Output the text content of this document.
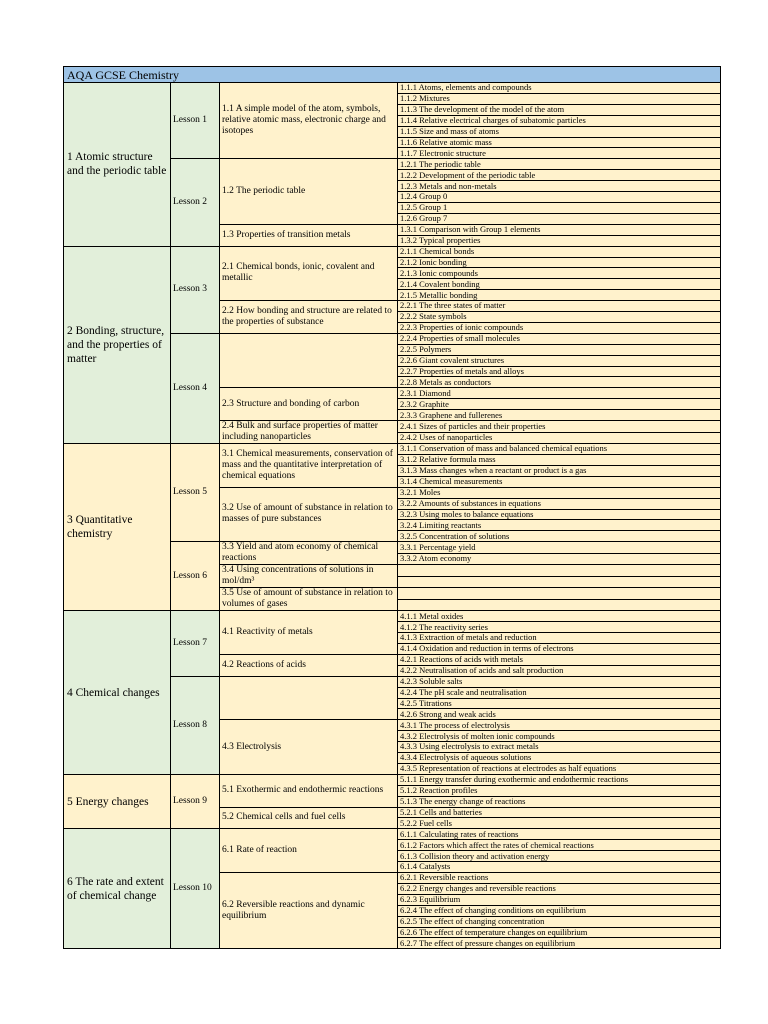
AQA GCSE Chemistry			
1 Atomic structure and the periodic table	Lesson 1	1.1 A simple model of the atom, symbols, relative atomic mass, electronic charge and isotopes	1.1.1 Atoms, elements and compounds
			1.1.2 Mixtures
			1.1.3 The development of the model of the atom
			1.1.4 Relative electrical charges of subatomic particles
			1.1.5 Size and mass of atoms
			1.1.6 Relative atomic mass
			1.1.7 Electronic structure
	Lesson 2	1.2 The periodic table	1.2.1 The periodic table
			1.2.2 Development of the periodic table
			1.2.3 Metals and non-metals
			1.2.4 Group 0
			1.2.5 Group 1
			1.2.6 Group 7
		1.3 Properties of transition metals	1.3.1 Comparison with Group 1 elements
			1.3.2 Typical properties
2 Bonding, structure, and the properties of matter	Lesson 3	2.1 Chemical bonds, ionic, covalent and metallic	2.1.1 Chemical bonds
			2.1.2 Ionic bonding
			2.1.3 Ionic compounds
			2.1.4 Covalent bonding
			2.1.5 Metallic bonding
		2.2 How bonding and structure are related to the properties of substance	2.2.1 The three states of matter
			2.2.2 State symbols
			2.2.3 Properties of ionic compounds
	Lesson 4		2.2.4 Properties of small molecules
			2.2.5 Polymers
			2.2.6 Giant covalent structures
			2.2.7 Properties of metals and alloys
			2.2.8 Metals as conductors
		2.3 Structure and bonding of carbon	2.3.1 Diamond
			2.3.2 Graphite
			2.3.3 Graphene and fullerenes
		2.4 Bulk and surface properties of matter including nanoparticles	2.4.1 Sizes of particles and their properties
			2.4.2 Uses of nanoparticles
3 Quantitative chemistry	Lesson 5	3.1 Chemical measurements, conservation of mass and the quantitative interpretation of chemical equations	3.1.1 Conservation of mass and balanced chemical equations
			3.1.2 Relative formula mass
			3.1.3 Mass changes when a reactant or product is a gas
			3.1.4 Chemical measurements
		3.2 Use of amount of substance in relation to masses of pure substances	3.2.1 Moles
			3.2.2 Amounts of substances in equations
			3.2.3 Using moles to balance equations
			3.2.4 Limiting reactants
			3.2.5 Concentration of solutions
	Lesson 6	3.3 Yield and atom economy of chemical reactions	3.3.1 Percentage yield
			3.3.2 Atom economy
		3.4 Using concentrations of solutions in mol/dm³	

		3.5 Use of amount of substance in relation to volumes of gases	

4 Chemical changes	Lesson 7	4.1 Reactivity of metals	4.1.1 Metal oxides
			4.1.2 The reactivity series
			4.1.3 Extraction of metals and reduction
			4.1.4 Oxidation and reduction in terms of electrons
		4.2 Reactions of acids	4.2.1 Reactions of acids with metals
			4.2.2 Neutralisation of acids and salt production
	Lesson 8		4.2.3 Soluble salts
			4.2.4 The pH scale and neutralisation
			4.2.5 Titrations
			4.2.6 Strong and weak acids
		4.3 Electrolysis	4.3.1 The process of electrolysis
			4.3.2 Electrolysis of molten ionic compounds
			4.3.3 Using electrolysis to extract metals
			4.3.4 Electrolysis of aqueous solutions
			4.3.5 Representation of reactions at electrodes as half equations
5 Energy changes	Lesson 9	5.1 Exothermic and endothermic reactions	5.1.1 Energy transfer during exothermic and endothermic reactions
			5.1.2 Reaction profiles
			5.1.3 The energy change of reactions
		5.2 Chemical cells and fuel cells	5.2.1 Cells and batteries
			5.2.2 Fuel cells
6 The rate and extent of chemical change	Lesson 10	6.1 Rate of reaction	6.1.1 Calculating rates of reactions
			6.1.2 Factors which affect the rates of chemical reactions
			6.1.3 Collision theory and activation energy
			6.1.4 Catalysts
		6.2 Reversible reactions and dynamic equilibrium	6.2.1 Reversible reactions
			6.2.2 Energy changes and reversible reactions
			6.2.3 Equilibrium
			6.2.4 The effect of changing conditions on equilibrium
			6.2.5 The effect of changing concentration
			6.2.6 The effect of temperature changes on equilibrium
			6.2.7 The effect of pressure changes on equilibrium
